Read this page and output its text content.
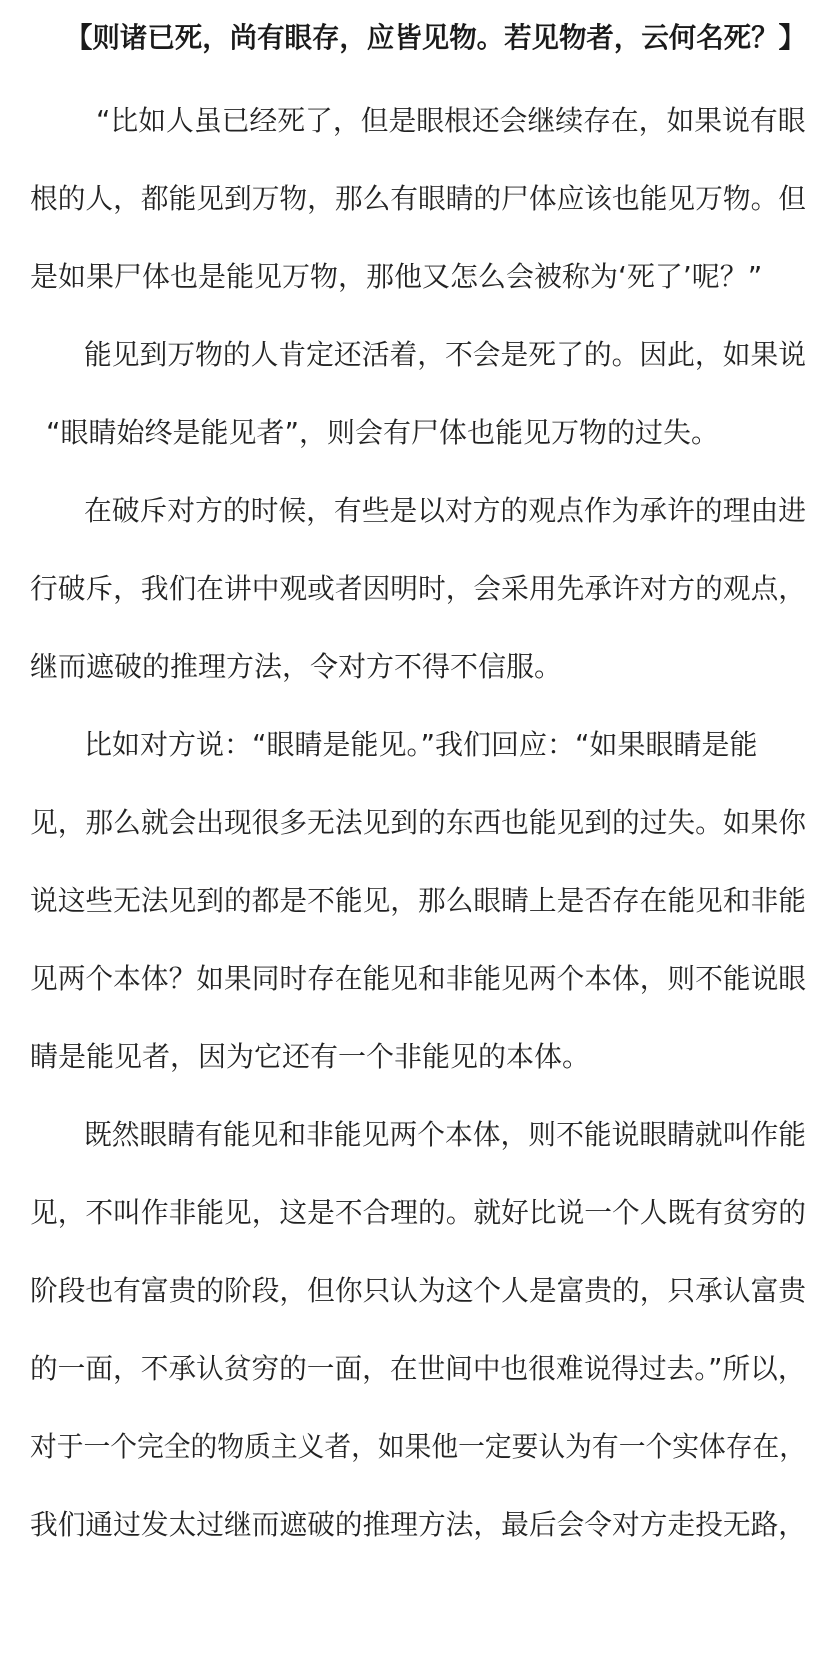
【则诸已死，尚有眼存，应皆见物。若见物者，云何名死？】
“比如人虽已经死了，但是眼根还会继续存在，如果说有眼
根的人，都能见到万物，那么有眼睛的尸体应该也能见万物。但
是如果尸体也是能见万物，那他又怎么会被称为‘死了’呢？”
能见到万物的人肯定还活着，不会是死了的。因此，如果说
“眼睛始终是能见者”，则会有尸体也能见万物的过失。
在破斥对方的时候，有些是以对方的观点作为承许的理由进
行破斥，我们在讲中观或者因明时，会采用先承许对方的观点，
继而遮破的推理方法，令对方不得不信服。
比如对方说：“眼睛是能见。”我们回应：“如果眼睛是能
见，那么就会出现很多无法见到的东西也能见到的过失。如果你
说这些无法见到的都是不能见，那么眼睛上是否存在能见和非能
见两个本体？如果同时存在能见和非能见两个本体，则不能说眼
睛是能见者，因为它还有一个非能见的本体。
既然眼睛有能见和非能见两个本体，则不能说眼睛就叫作能
见，不叫作非能见，这是不合理的。就好比说一个人既有贫穷的
阶段也有富贵的阶段，但你只认为这个人是富贵的，只承认富贵
的一面，不承认贫穷的一面，在世间中也很难说得过去。”所以，
对于一个完全的物质主义者，如果他一定要认为有一个实体存在，
我们通过发太过继而遮破的推理方法，最后会令对方走投无路，
